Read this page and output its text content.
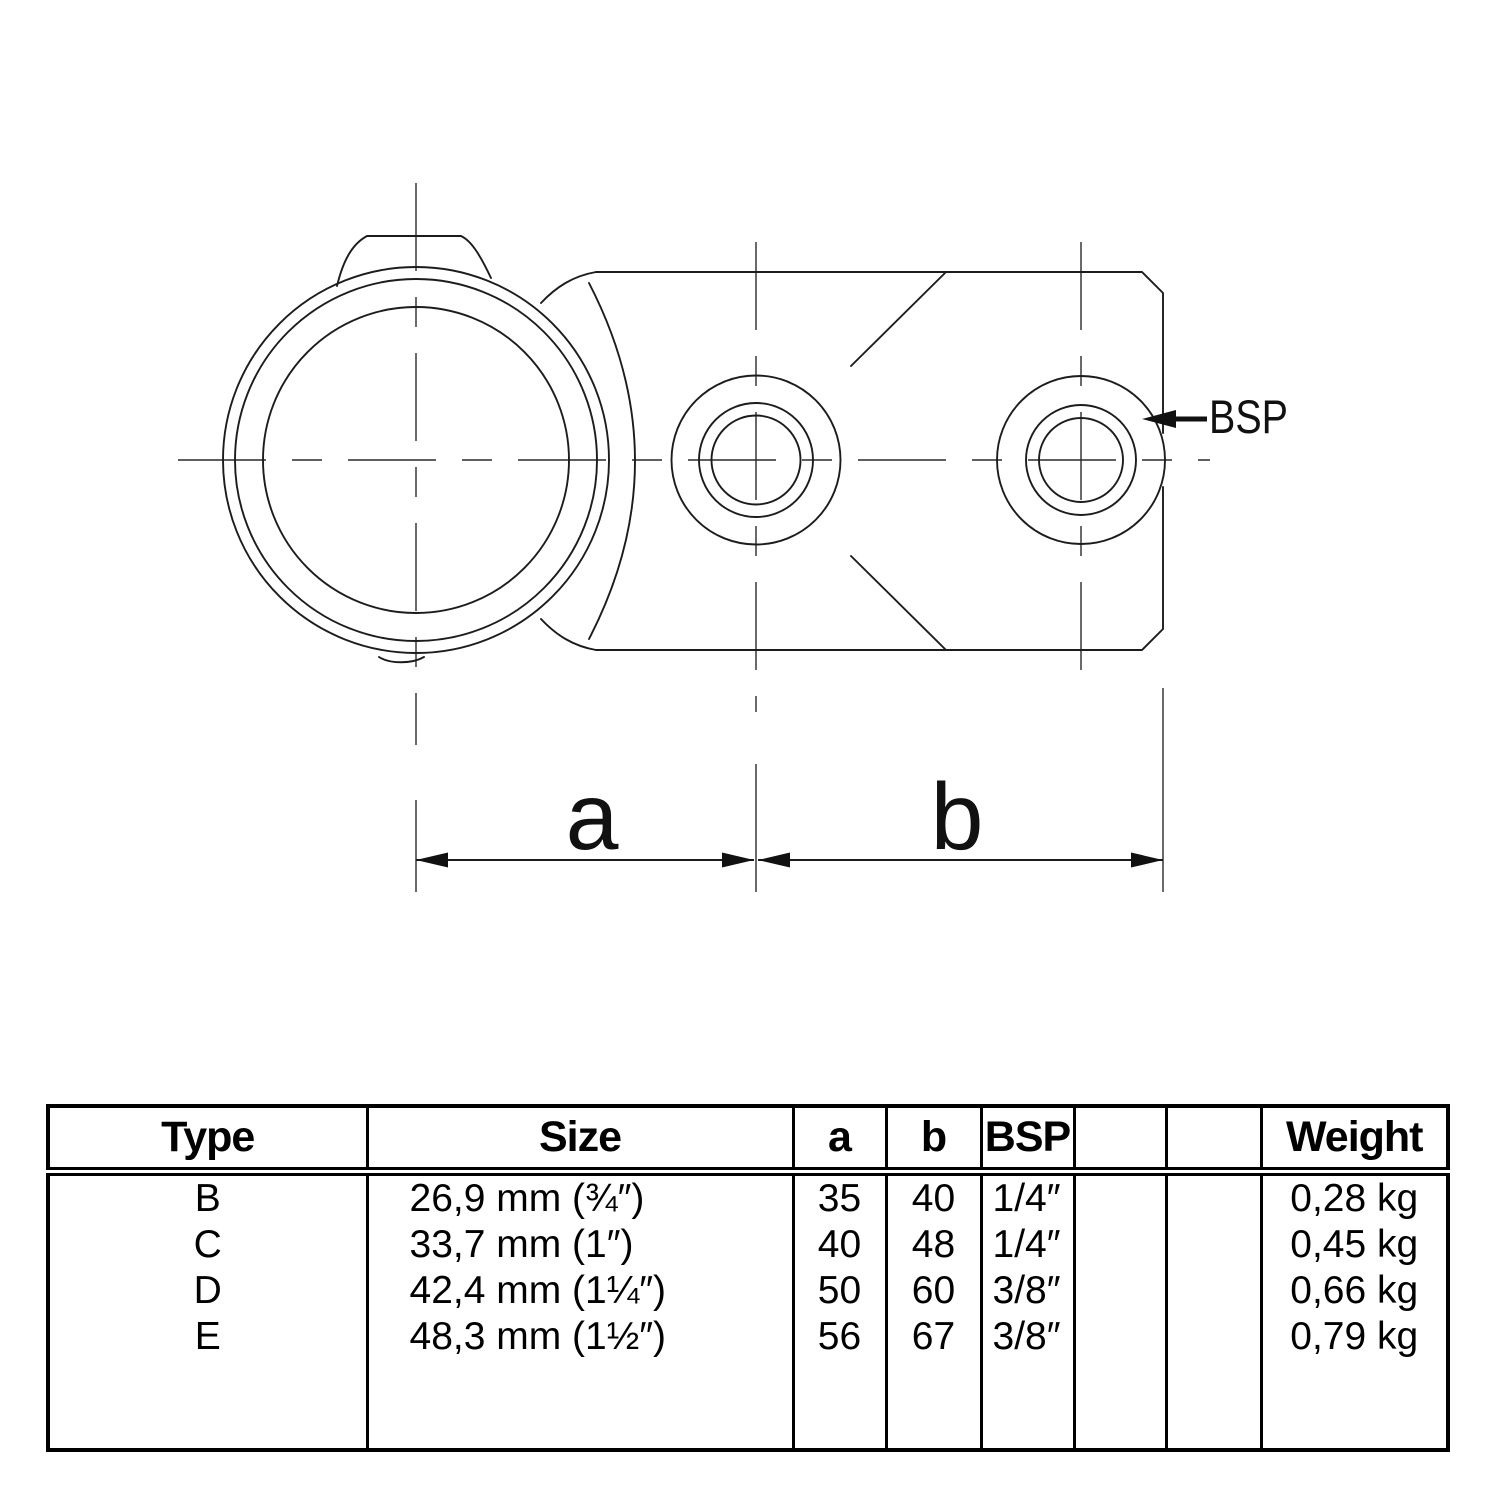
BSP
a	b
Type	Size	a	b	BSP			Weight
B	26,9 mm (¾″)	35	40	1/4″			0,28 kg
C	33,7 mm (1″)	40	48	1/4″			0,45 kg
D	42,4 mm (1¼″)	50	60	3/8″			0,66 kg
E	48,3 mm (1½″)	56	67	3/8″			0,79 kg
